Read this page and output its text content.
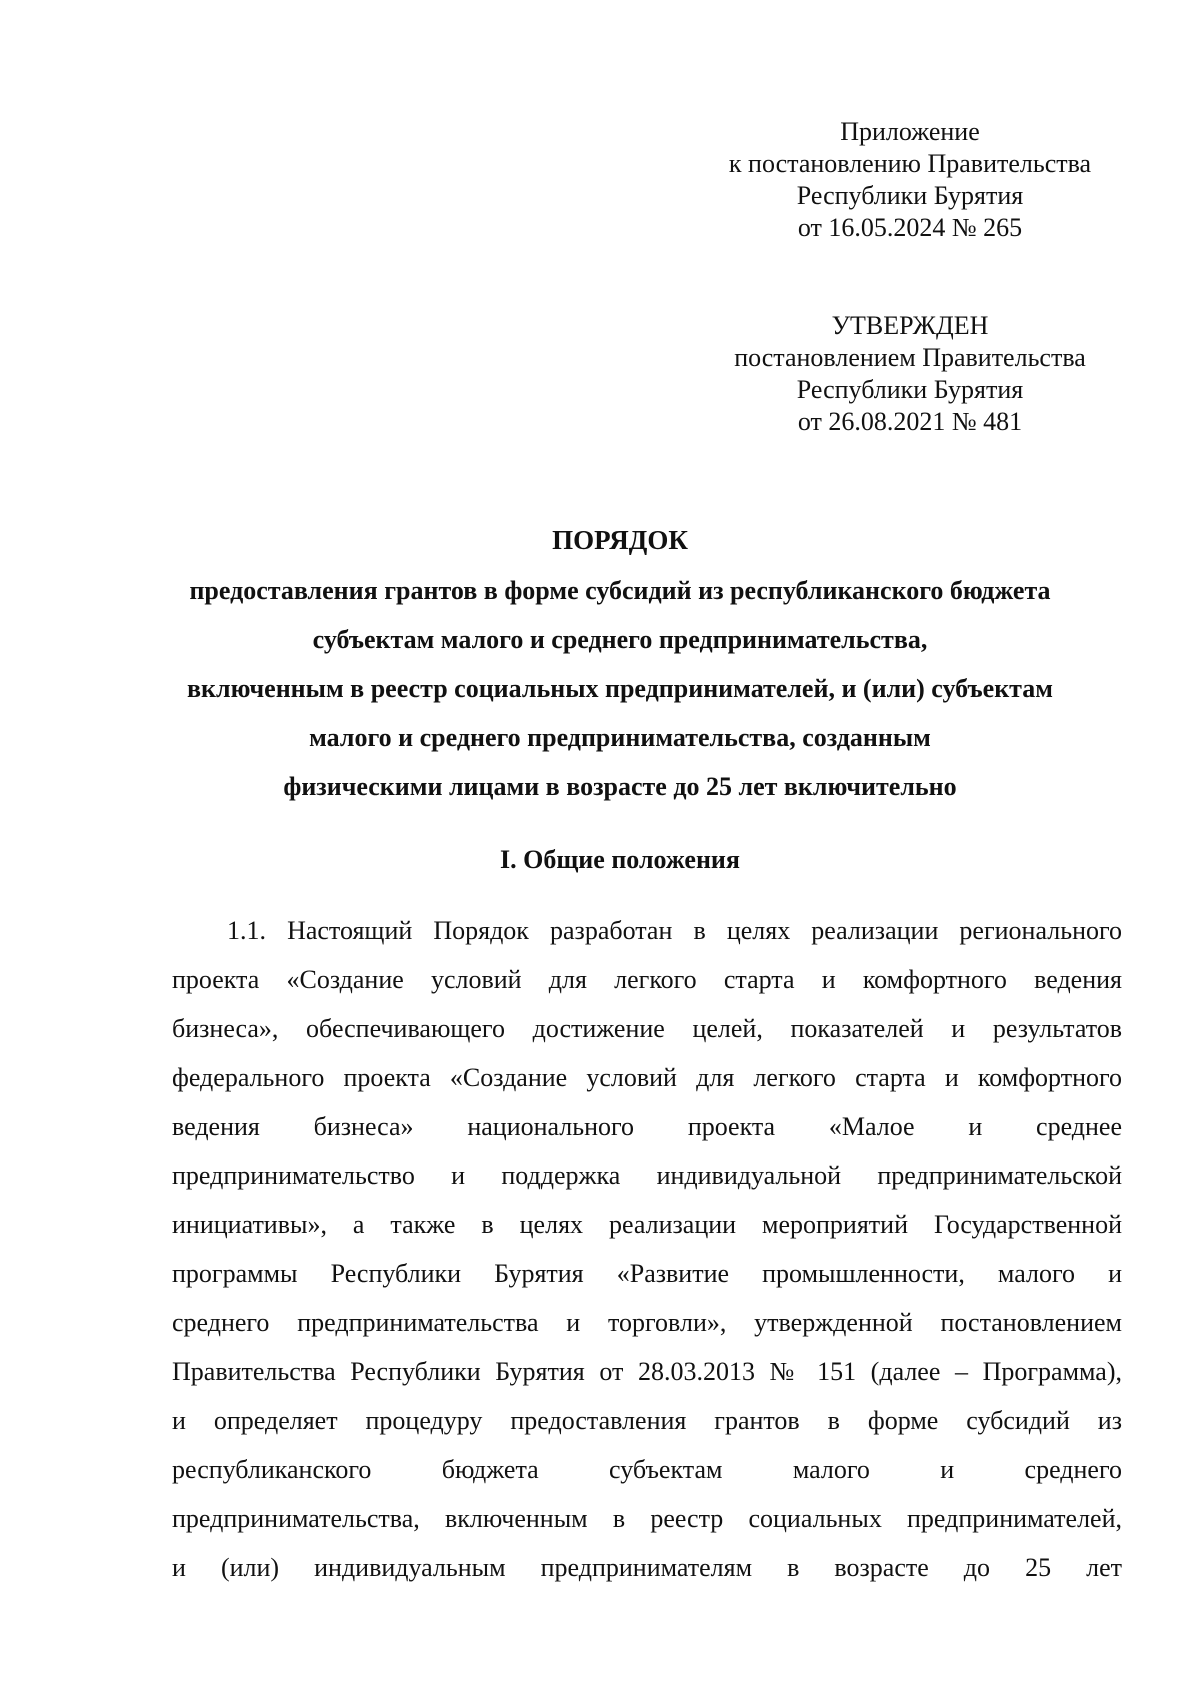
Приложение
к постановлению Правительства
Республики Бурятия
от 16.05.2024 № 265
УТВЕРЖДЕН
постановлением Правительства
Республики Бурятия
от 26.08.2021 № 481
ПОРЯДОК
предоставления грантов в форме субсидий из республиканского бюджета
субъектам малого и среднего предпринимательства,
включенным в реестр социальных предпринимателей, и (или) субъектам
малого и среднего предпринимательства, созданным
физическими лицами в возрасте до 25 лет включительно
I. Общие положения
1.1. Настоящий Порядок разработан в целях реализации регионального
проекта «Создание условий для легкого старта и комфортного ведения
бизнеса», обеспечивающего достижение целей, показателей и результатов
федерального проекта «Создание условий для легкого старта и комфортного
ведения бизнеса» национального проекта «Малое и среднее
предпринимательство и поддержка индивидуальной предпринимательской
инициативы», а также в целях реализации мероприятий Государственной
программы Республики Бурятия «Развитие промышленности, малого и
среднего предпринимательства и торговли», утвержденной постановлением
Правительства Республики Бурятия от 28.03.2013 № 151 (далее – Программа),
и определяет процедуру предоставления грантов в форме субсидий из
республиканского бюджета субъектам малого и среднего
предпринимательства, включенным в реестр социальных предпринимателей,
и (или) индивидуальным предпринимателям в возрасте до 25 лет
